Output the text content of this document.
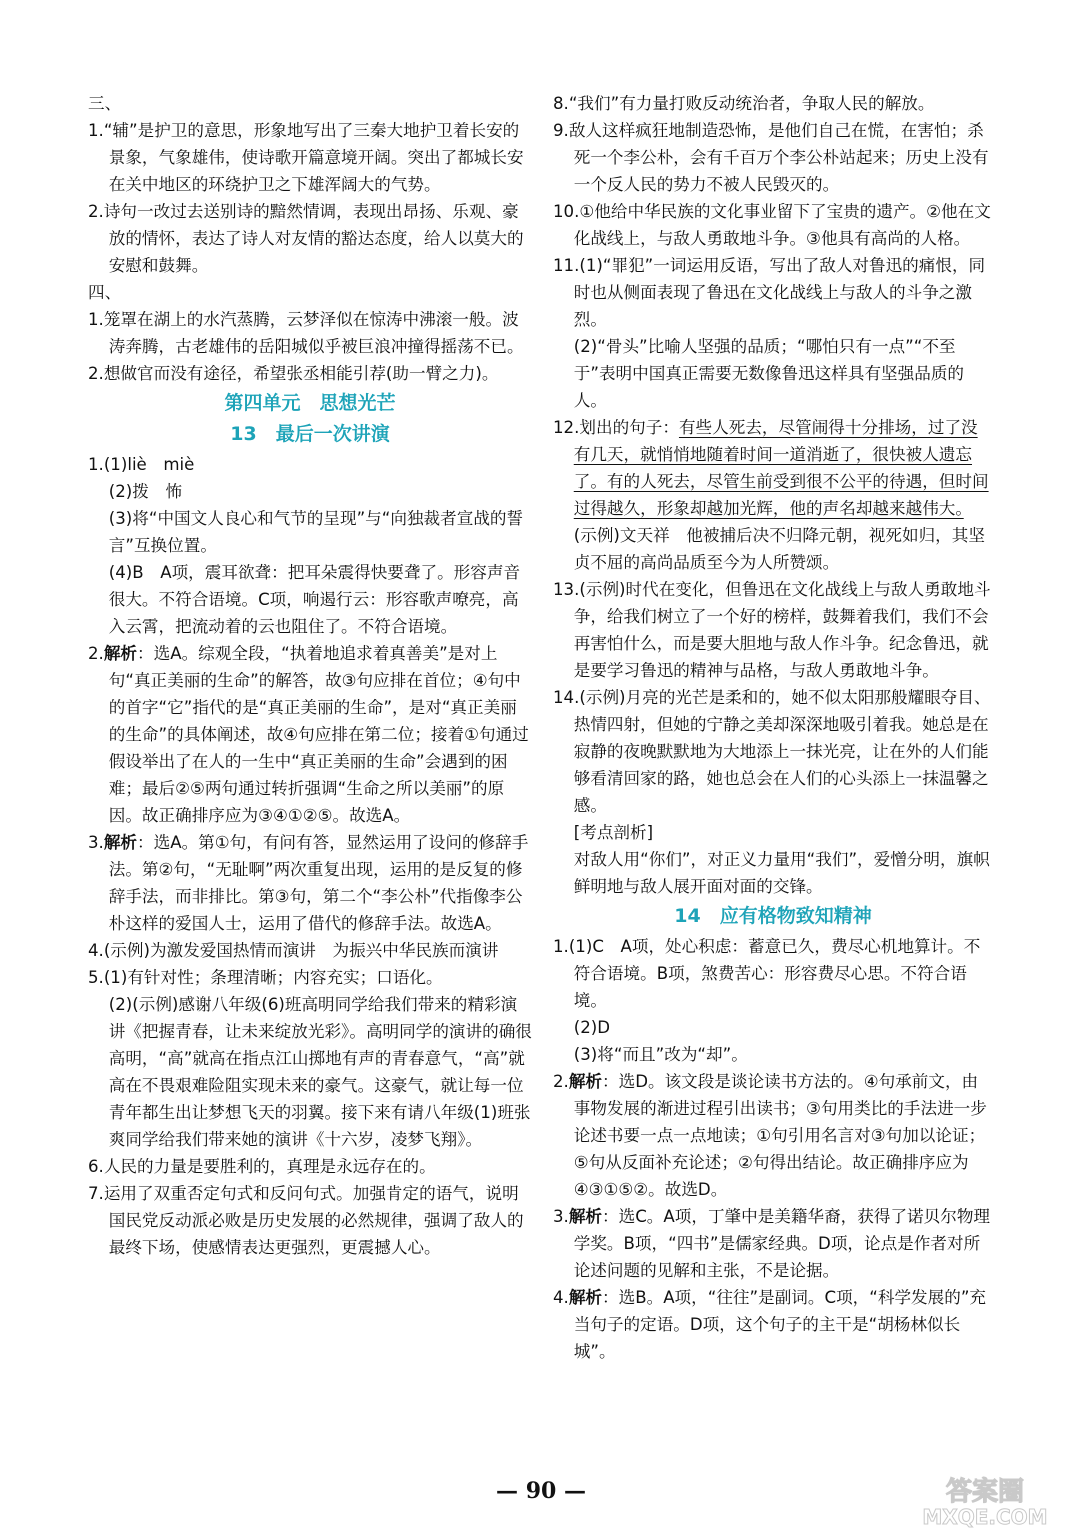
三、

1.“辅”是护卫的意思，形象地写出了三秦大地护卫着长安的景象，气象雄伟，使诗歌开篇意境开阔。突出了都城长安在关中地区的环绕护卫之下雄浑阔大的气势。

2.诗句一改过去送别诗的黯然情调，表现出昂扬、乐观、豪放的情怀，表达了诗人对友情的豁达态度，给人以莫大的安慰和鼓舞。

四、

1.笼罩在湖上的水汽蒸腾，云梦泽似在惊涛中沸滚一般。波涛奔腾，古老雄伟的岳阳城似乎被巨浪冲撞得摇荡不已。

2.想做官而没有途径，希望张丞相能引荐(助一臂之力)。

第四单元　思想光芒
13　最后一次讲演

1.(1)liè　miè

(2)拨　怖

(3)将“中国文人良心和气节的呈现”与“向独裁者宣战的誓言”互换位置。

(4)B　A项，震耳欲聋：把耳朵震得快要聋了。形容声音很大。不符合语境。C项，响遏行云：形容歌声嘹亮，高入云霄，把流动着的云也阻住了。不符合语境。

2.解析：选A。综观全段，“执着地追求着真善美”是对上句“真正美丽的生命”的解答，故③句应排在首位；④句中的首字“它”指代的是“真正美丽的生命”，是对“真正美丽的生命”的具体阐述，故④句应排在第二位；接着①句通过假设举出了在人的一生中“真正美丽的生命”会遇到的困难；最后②⑤两句通过转折强调“生命之所以美丽”的原因。故正确排序应为③④①②⑤。故选A。

3.解析：选A。第①句，有问有答，显然运用了设问的修辞手法。第②句，“无耻啊”两次重复出现，运用的是反复的修辞手法，而非排比。第③句，第二个“李公朴”代指像李公朴这样的爱国人士，运用了借代的修辞手法。故选A。

4.(示例)为激发爱国热情而演讲　为振兴中华民族而演讲

5.(1)有针对性；条理清晰；内容充实；口语化。

(2)(示例)感谢八年级(6)班高明同学给我们带来的精彩演讲《把握青春，让未来绽放光彩》。高明同学的演讲的确很高明，“高”就高在指点江山掷地有声的青春意气，“高”就高在不畏艰难险阻实现未来的豪气。这豪气，就让每一位青年都生出让梦想飞天的羽翼。接下来有请八年级(1)班张爽同学给我们带来她的演讲《十六岁，凌梦飞翔》。

6.人民的力量是要胜利的，真理是永远存在的。

7.运用了双重否定句式和反问句式。加强肯定的语气，说明国民党反动派必败是历史发展的必然规律，强调了敌人的最终下场，使感情表达更强烈，更震撼人心。

8.“我们”有力量打败反动统治者，争取人民的解放。

9.敌人这样疯狂地制造恐怖，是他们自己在慌，在害怕；杀死一个李公朴，会有千百万个李公朴站起来；历史上没有一个反人民的势力不被人民毁灭的。

10.①他给中华民族的文化事业留下了宝贵的遗产。②他在文化战线上，与敌人勇敢地斗争。③他具有高尚的人格。

11.(1)“罪犯”一词运用反语，写出了敌人对鲁迅的痛恨，同时也从侧面表现了鲁迅在文化战线上与敌人的斗争之激烈。

(2)“骨头”比喻人坚强的品质；“哪怕只有一点”“不至于”表明中国真正需要无数像鲁迅这样具有坚强品质的人。

12.划出的句子：有些人死去，尽管闹得十分排场，过了没有几天，就悄悄地随着时间一道消逝了，很快被人遗忘了。有的人死去，尽管生前受到很不公平的待遇，但时间过得越久，形象却越加光辉，他的声名却越来越伟大。　(示例)文天祥　他被捕后决不归降元朝，视死如归，其坚贞不屈的高尚品质至今为人所赞颂。

13.(示例)时代在变化，但鲁迅在文化战线上与敌人勇敢地斗争，给我们树立了一个好的榜样，鼓舞着我们，我们不会再害怕什么，而是要大胆地与敌人作斗争。纪念鲁迅，就是要学习鲁迅的精神与品格，与敌人勇敢地斗争。

14.(示例)月亮的光芒是柔和的，她不似太阳那般耀眼夺目、热情四射，但她的宁静之美却深深地吸引着我。她总是在寂静的夜晚默默地为大地添上一抹光亮，让在外的人们能够看清回家的路，她也总会在人们的心头添上一抹温馨之感。

[考点剖析]

对敌人用“你们”，对正义力量用“我们”，爱憎分明，旗帜鲜明地与敌人展开面对面的交锋。

14　应有格物致知精神

1.(1)C　A项，处心积虑：蓄意已久，费尽心机地算计。不符合语境。B项，煞费苦心：形容费尽心思。不符合语境。

(2)D

(3)将“而且”改为“却”。

2.解析：选D。该文段是谈论读书方法的。④句承前文，由事物发展的渐进过程引出读书；③句用类比的手法进一步论述书要一点一点地读；①句引用名言对③句加以论证；⑤句从反面补充论述；②句得出结论。故正确排序应为④③①⑤②。故选D。

3.解析：选C。A项，丁肇中是美籍华裔，获得了诺贝尔物理学奖。B项，“四书”是儒家经典。D项，论点是作者对所论述问题的见解和主张，不是论据。

4.解析：选B。A项，“往往”是副词。C项，“科学发展的”充当句子的定语。D项，这个句子的主干是“胡杨林似长城”。

— 90 —	答案圈
MXQE.COM
